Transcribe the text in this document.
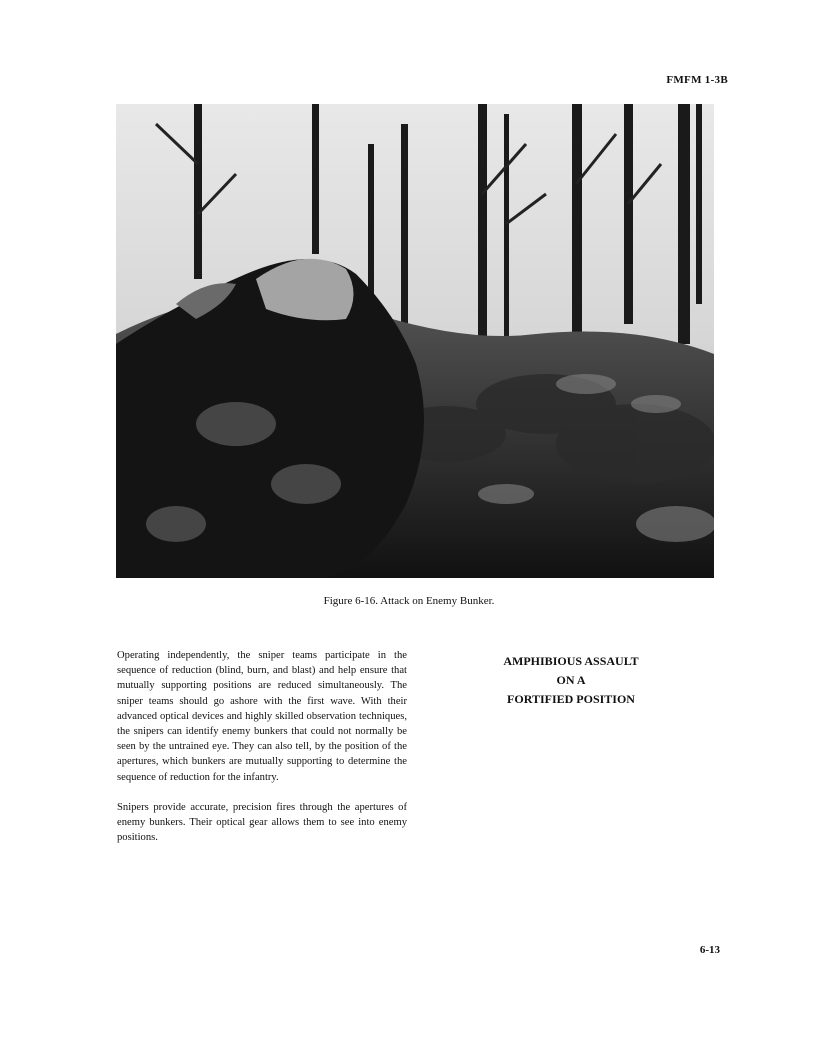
FMFM 1-3B
Figure 6-16. Attack on Enemy Bunker.

Operating independently, the sniper teams participate in the sequence of reduction (blind, burn, and blast) and help ensure that mutually supporting positions are reduced simultaneously. The sniper teams should go ashore with the first wave. With their advanced optical devices and highly skilled observation techniques, the snipers can identify enemy bunkers that could not normally be seen by the untrained eye. They can also tell, by the position of the apertures, which bunkers are mutually supporting to determine the sequence of reduction for the infantry.

Snipers provide accurate, precision fires through the apertures of enemy bunkers. Their optical gear allows them to see into enemy positions.

AMPHIBIOUS ASSAULT
ON A
FORTIFIED POSITION
6-13
